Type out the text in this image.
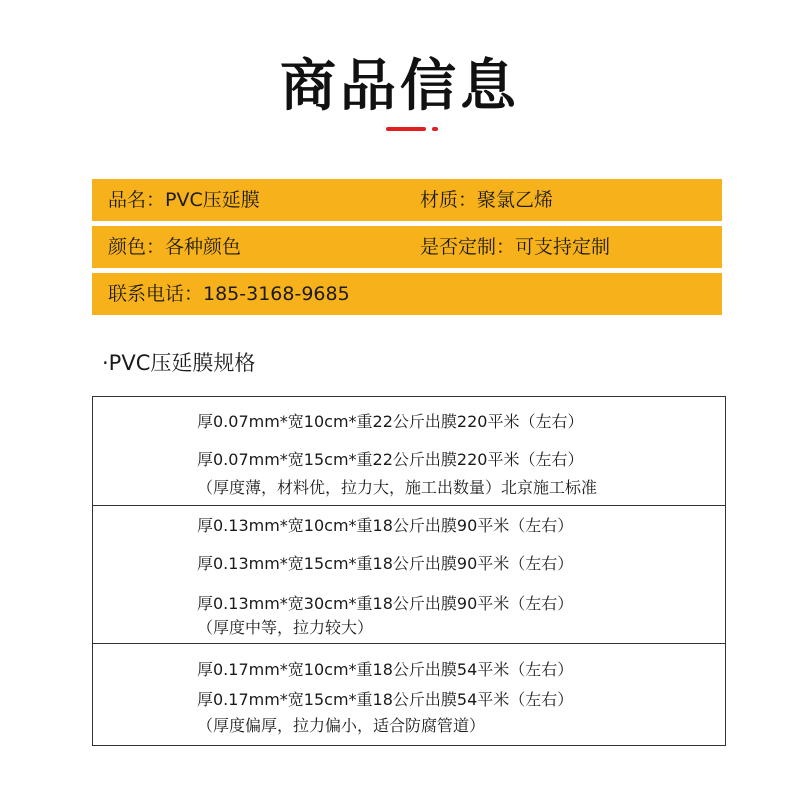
商品信息
品名：PVC压延膜	材质：聚氯乙烯
颜色：各种颜色	是否定制：可支持定制
联系电话：185-3168-9685
·PVC压延膜规格
厚0.07mm*宽10cm*重22公斤出膜220平米（左右）
厚0.07mm*宽15cm*重22公斤出膜220平米（左右）
（厚度薄，材料优，拉力大，施工出数量）北京施工标准
厚0.13mm*宽10cm*重18公斤出膜90平米（左右）
厚0.13mm*宽15cm*重18公斤出膜90平米（左右）
厚0.13mm*宽30cm*重18公斤出膜90平米（左右）
（厚度中等，拉力较大）
厚0.17mm*宽10cm*重18公斤出膜54平米（左右）
厚0.17mm*宽15cm*重18公斤出膜54平米（左右）
（厚度偏厚，拉力偏小，适合防腐管道）
